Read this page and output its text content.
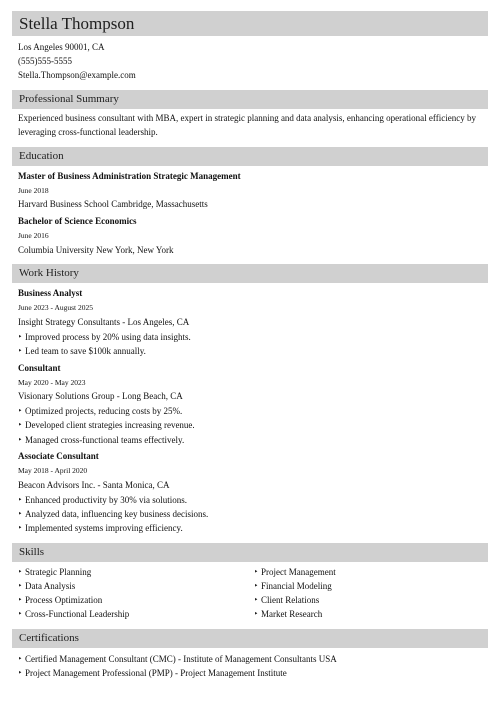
Stella Thompson
Los Angeles 90001, CA
(555)555-5555
Stella.Thompson@example.com
Professional Summary
Experienced business consultant with MBA, expert in strategic planning and data analysis, enhancing operational efficiency by leveraging cross-functional leadership.
Education
Master of Business Administration Strategic Management
June 2018
Harvard Business School Cambridge, Massachusetts
Bachelor of Science Economics
June 2016
Columbia University New York, New York
Work History
Business Analyst
June 2023 - August 2025
Insight Strategy Consultants - Los Angeles, CA
‣ Improved process by 20% using data insights.
‣ Led team to save $100k annually.
Consultant
May 2020 - May 2023
Visionary Solutions Group - Long Beach, CA
‣ Optimized projects, reducing costs by 25%.
‣ Developed client strategies increasing revenue.
‣ Managed cross-functional teams effectively.
Associate Consultant
May 2018 - April 2020
Beacon Advisors Inc. - Santa Monica, CA
‣ Enhanced productivity by 30% via solutions.
‣ Analyzed data, influencing key business decisions.
‣ Implemented systems improving efficiency.
Skills
‣ Strategic Planning
‣ Data Analysis
‣ Process Optimization
‣ Cross-Functional Leadership
‣ Project Management
‣ Financial Modeling
‣ Client Relations
‣ Market Research
Certifications
‣ Certified Management Consultant (CMC) - Institute of Management Consultants USA
‣ Project Management Professional (PMP) - Project Management Institute
